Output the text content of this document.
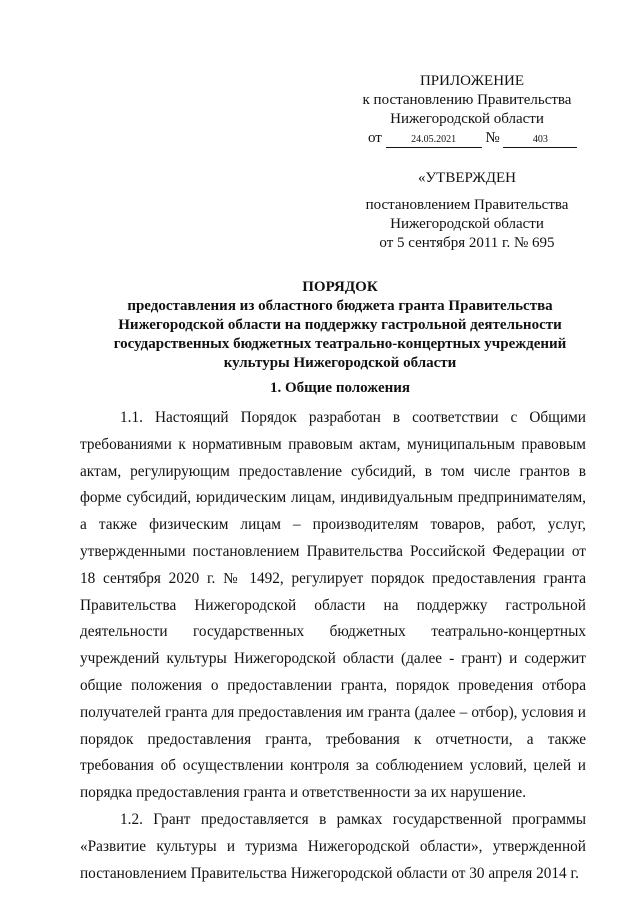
ПРИЛОЖЕНИЕ
к постановлению Правительства
Нижегородской области
от	24.05.2021 №	403
«УТВЕРЖДЕН
постановлением Правительства
Нижегородской области
от 5 сентября 2011 г. № 695
ПОРЯДОК
предоставления из областного бюджета гранта Правительства
Нижегородской области на поддержку гастрольной деятельности
государственных бюджетных театрально-концертных учреждений
культуры Нижегородской области
1. Общие положения

1.1. Настоящий Порядок разработан в соответствии с Общими требованиями к нормативным правовым актам, муниципальным правовым актам, регулирующим предоставление субсидий, в том числе грантов в форме субсидий, юридическим лицам, индивидуальным предпринимателям, а также физическим лицам – производителям товаров, работ, услуг, утвержденными постановлением Правительства Российской Федерации от 18 сентября 2020 г. № 1492, регулирует порядок предоставления гранта Правительства Нижегородской области на поддержку гастрольной деятельности государственных бюджетных театрально-концертных учреждений культуры Нижегородской области (далее - грант) и содержит общие положения о предоставлении гранта, порядок проведения отбора получателей гранта для предоставления им гранта (далее – отбор), условия и порядок предоставления гранта, требования к отчетности, а также требования об осуществлении контроля за соблюдением условий, целей и порядка предоставления гранта и ответственности за их нарушение.

1.2. Грант предоставляется в рамках государственной программы «Развитие культуры и туризма Нижегородской области», утвержденной постановлением Правительства Нижегородской области от 30 апреля 2014 г.
